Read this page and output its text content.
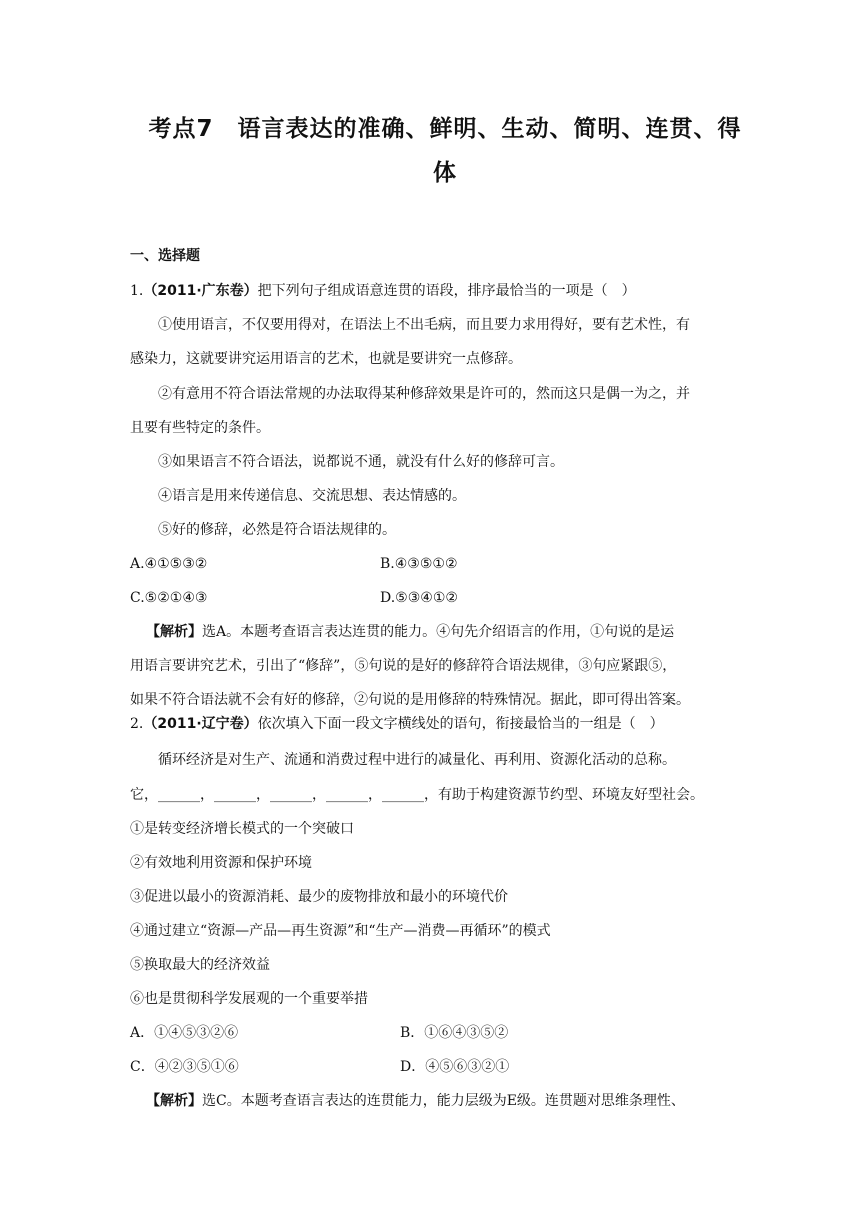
考点7　语言表达的准确、鲜明、生动、简明、连贯、得
体
一、选择题
1.（2011·广东卷）把下列句子组成语意连贯的语段，排序最恰当的一项是（　）
①使用语言，不仅要用得对，在语法上不出毛病，而且要力求用得好，要有艺术性，有
感染力，这就要讲究运用语言的艺术，也就是要讲究一点修辞。
②有意用不符合语法常规的办法取得某种修辞效果是许可的，然而这只是偶一为之，并
且要有些特定的条件。
③如果语言不符合语法，说都说不通，就没有什么好的修辞可言。
④语言是用来传递信息、交流思想、表达情感的。
⑤好的修辞，必然是符合语法规律的。
A.④①⑤③②	B.④③⑤①②
C.⑤②①④③	D.⑤③④①②
【解析】选A。本题考查语言表达连贯的能力。④句先介绍语言的作用，①句说的是运
用语言要讲究艺术，引出了“修辞”，⑤句说的是好的修辞符合语法规律，③句应紧跟⑤，
如果不符合语法就不会有好的修辞，②句说的是用修辞的特殊情况。据此，即可得出答案。
2.（2011·辽宁卷）依次填入下面一段文字横线处的语句，衔接最恰当的一组是（　）
循环经济是对生产、流通和消费过程中进行的减量化、再利用、资源化活动的总称。
它，______，______，______，______，______，有助于构建资源节约型、环境友好型社会。
①是转变经济增长模式的一个突破口
②有效地利用资源和保护环境
③促进以最小的资源消耗、最少的废物排放和最小的环境代价
④通过建立“资源—产品—再生资源”和“生产—消费—再循环”的模式
⑤换取最大的经济效益
⑥也是贯彻科学发展观的一个重要举措
A．①④⑤③②⑥	B．①⑥④③⑤②
C．④②③⑤①⑥	D．④⑤⑥③②①
【解析】选C。本题考查语言表达的连贯能力，能力层级为E级。连贯题对思维条理性、
